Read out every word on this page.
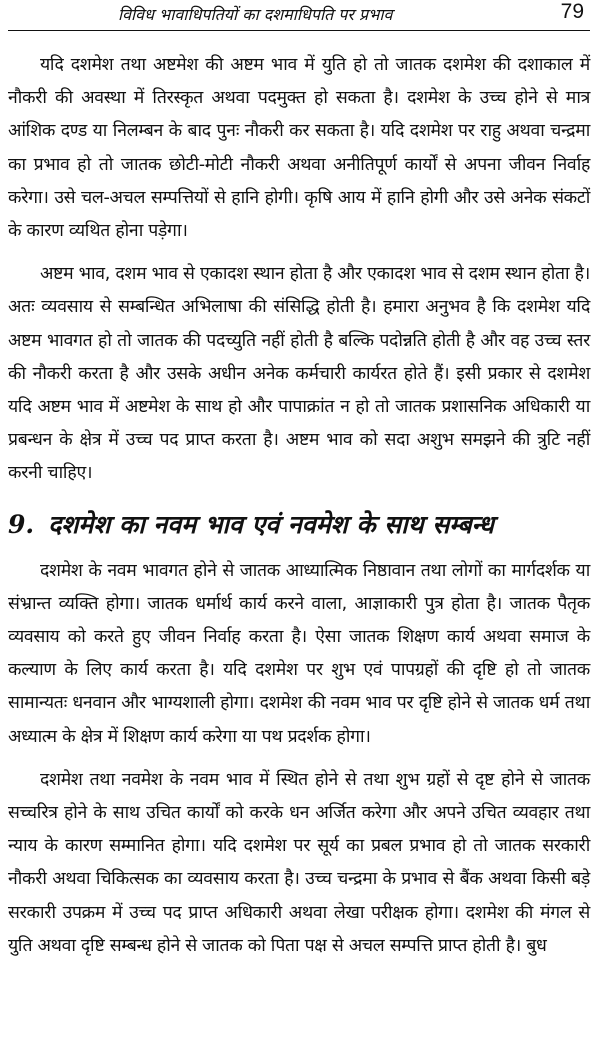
विविध भावाधिपतियों का दशमाधिपति पर प्रभाव	79

यदि दशमेश तथा अष्टमेश की अष्टम भाव में युति हो तो जातक दशमेश की दशाकाल में नौकरी की अवस्था में तिरस्कृत अथवा पदमुक्त हो सकता है। दशमेश के उच्च होने से मात्र आंशिक दण्ड या निलम्बन के बाद पुनः नौकरी कर सकता है। यदि दशमेश पर राहु अथवा चन्द्रमा का प्रभाव हो तो जातक छोटी-मोटी नौकरी अथवा अनीतिपूर्ण कार्यों से अपना जीवन निर्वाह करेगा। उसे चल-अचल सम्पत्तियों से हानि होगी। कृषि आय में हानि होगी और उसे अनेक संकटों के कारण व्यथित होना पड़ेगा।

अष्टम भाव, दशम भाव से एकादश स्थान होता है और एकादश भाव से दशम स्थान होता है। अतः व्यवसाय से सम्बन्धित अभिलाषा की संसिद्धि होती है। हमारा अनुभव है कि दशमेश यदि अष्टम भावगत हो तो जातक की पदच्युति नहीं होती है बल्कि पदोन्नति होती है और वह उच्च स्तर की नौकरी करता है और उसके अधीन अनेक कर्मचारी कार्यरत होते हैं। इसी प्रकार से दशमेश यदि अष्टम भाव में अष्टमेश के साथ हो और पापाक्रांत न हो तो जातक प्रशासनिक अधिकारी या प्रबन्धन के क्षेत्र में उच्च पद प्राप्त करता है। अष्टम भाव को सदा अशुभ समझने की त्रुटि नहीं करनी चाहिए।

9. दशमेश का नवम भाव एवं नवमेश के साथ सम्बन्ध

दशमेश के नवम भावगत होने से जातक आध्यात्मिक निष्ठावान तथा लोगों का मार्गदर्शक या संभ्रान्त व्यक्ति होगा। जातक धर्मार्थ कार्य करने वाला, आज्ञाकारी पुत्र होता है। जातक पैतृक व्यवसाय को करते हुए जीवन निर्वाह करता है। ऐसा जातक शिक्षण कार्य अथवा समाज के कल्याण के लिए कार्य करता है। यदि दशमेश पर शुभ एवं पापग्रहों की दृष्टि हो तो जातक सामान्यतः धनवान और भाग्यशाली होगा। दशमेश की नवम भाव पर दृष्टि होने से जातक धर्म तथा अध्यात्म के क्षेत्र में शिक्षण कार्य करेगा या पथ प्रदर्शक होगा।

दशमेश तथा नवमेश के नवम भाव में स्थित होने से तथा शुभ ग्रहों से दृष्ट होने से जातक सच्चरित्र होने के साथ उचित कार्यों को करके धन अर्जित करेगा और अपने उचित व्यवहार तथा न्याय के कारण सम्मानित होगा। यदि दशमेश पर सूर्य का प्रबल प्रभाव हो तो जातक सरकारी नौकरी अथवा चिकित्सक का व्यवसाय करता है। उच्च चन्द्रमा के प्रभाव से बैंक अथवा किसी बड़े सरकारी उपक्रम में उच्च पद प्राप्त अधिकारी अथवा लेखा परीक्षक होगा। दशमेश की मंगल से युति अथवा दृष्टि सम्बन्ध होने से जातक को पिता पक्ष से अचल सम्पत्ति प्राप्त होती है। बुध
